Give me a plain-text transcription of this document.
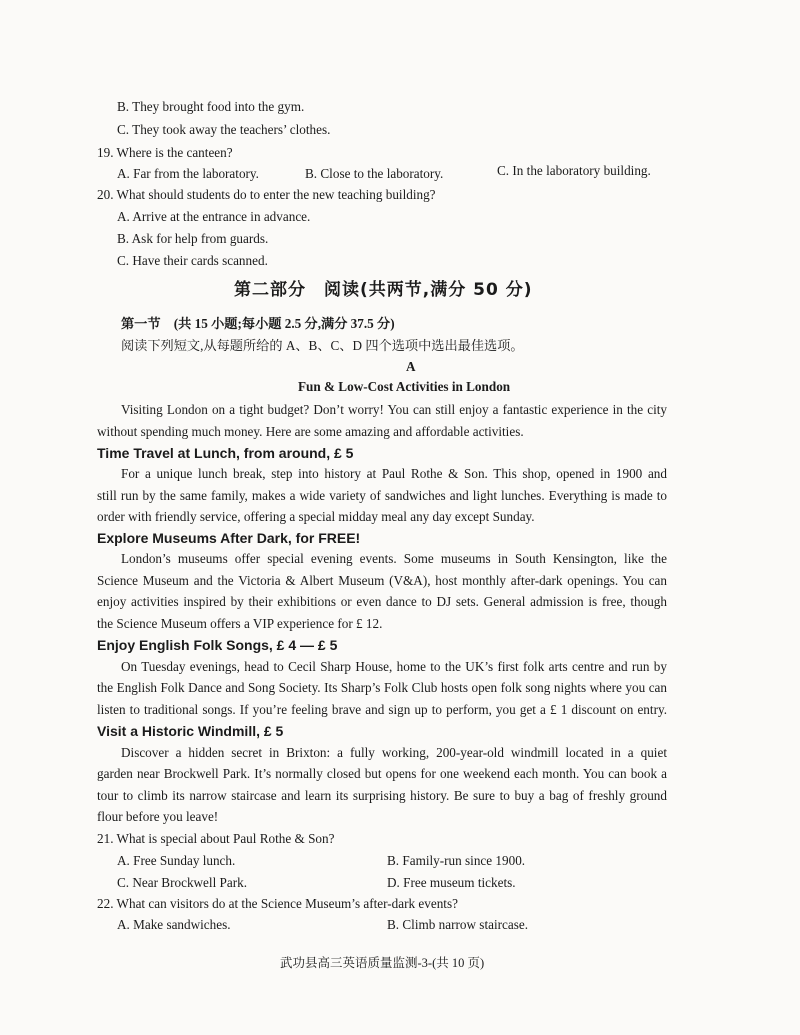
B. They brought food into the gym.
C. They took away the teachers’ clothes.
19. Where is the canteen?
A. Far from the laboratory.	B. Close to the laboratory.	C. In the laboratory building.
20. What should students do to enter the new teaching building?
A. Arrive at the entrance in advance.
B. Ask for help from guards.
C. Have their cards scanned.
第二部分　阅读(共两节,满分 50 分)
第一节　(共 15 小题;每小题 2.5 分,满分 37.5 分)
阅读下列短文,从每题所给的 A、B、C、D 四个选项中选出最佳选项。
A
Fun & Low-Cost Activities in London
Visiting London on a tight budget? Don’t worry! You can still enjoy a fantastic experience in the city
without spending much money. Here are some amazing and affordable activities.
Time Travel at Lunch, from around, £ 5
For a unique lunch break, step into history at Paul Rothe & Son. This shop, opened in 1900 and
still run by the same family, makes a wide variety of sandwiches and light lunches. Everything is made to
order with friendly service, offering a special midday meal any day except Sunday.
Explore Museums After Dark, for FREE!
London’s museums offer special evening events. Some museums in South Kensington, like the
Science Museum and the Victoria & Albert Museum (V&A), host monthly after-dark openings. You can
enjoy activities inspired by their exhibitions or even dance to DJ sets. General admission is free, though
the Science Museum offers a VIP experience for £ 12.
Enjoy English Folk Songs, £ 4 — £ 5
On Tuesday evenings, head to Cecil Sharp House, home to the UK’s first folk arts centre and run by
the English Folk Dance and Song Society. Its Sharp’s Folk Club hosts open folk song nights where you can
listen to traditional songs. If you’re feeling brave and sign up to perform, you get a £ 1 discount on entry.
Visit a Historic Windmill, £ 5
Discover a hidden secret in Brixton: a fully working, 200-year-old windmill located in a quiet
garden near Brockwell Park. It’s normally closed but opens for one weekend each month. You can book a
tour to climb its narrow staircase and learn its surprising history. Be sure to buy a bag of freshly ground
flour before you leave!
21. What is special about Paul Rothe & Son?
A. Free Sunday lunch.	B. Family-run since 1900.
C. Near Brockwell Park.	D. Free museum tickets.
22. What can visitors do at the Science Museum’s after-dark events?
A. Make sandwiches.	B. Climb narrow staircase.
武功县高三英语质量监测-3-(共 10 页)
